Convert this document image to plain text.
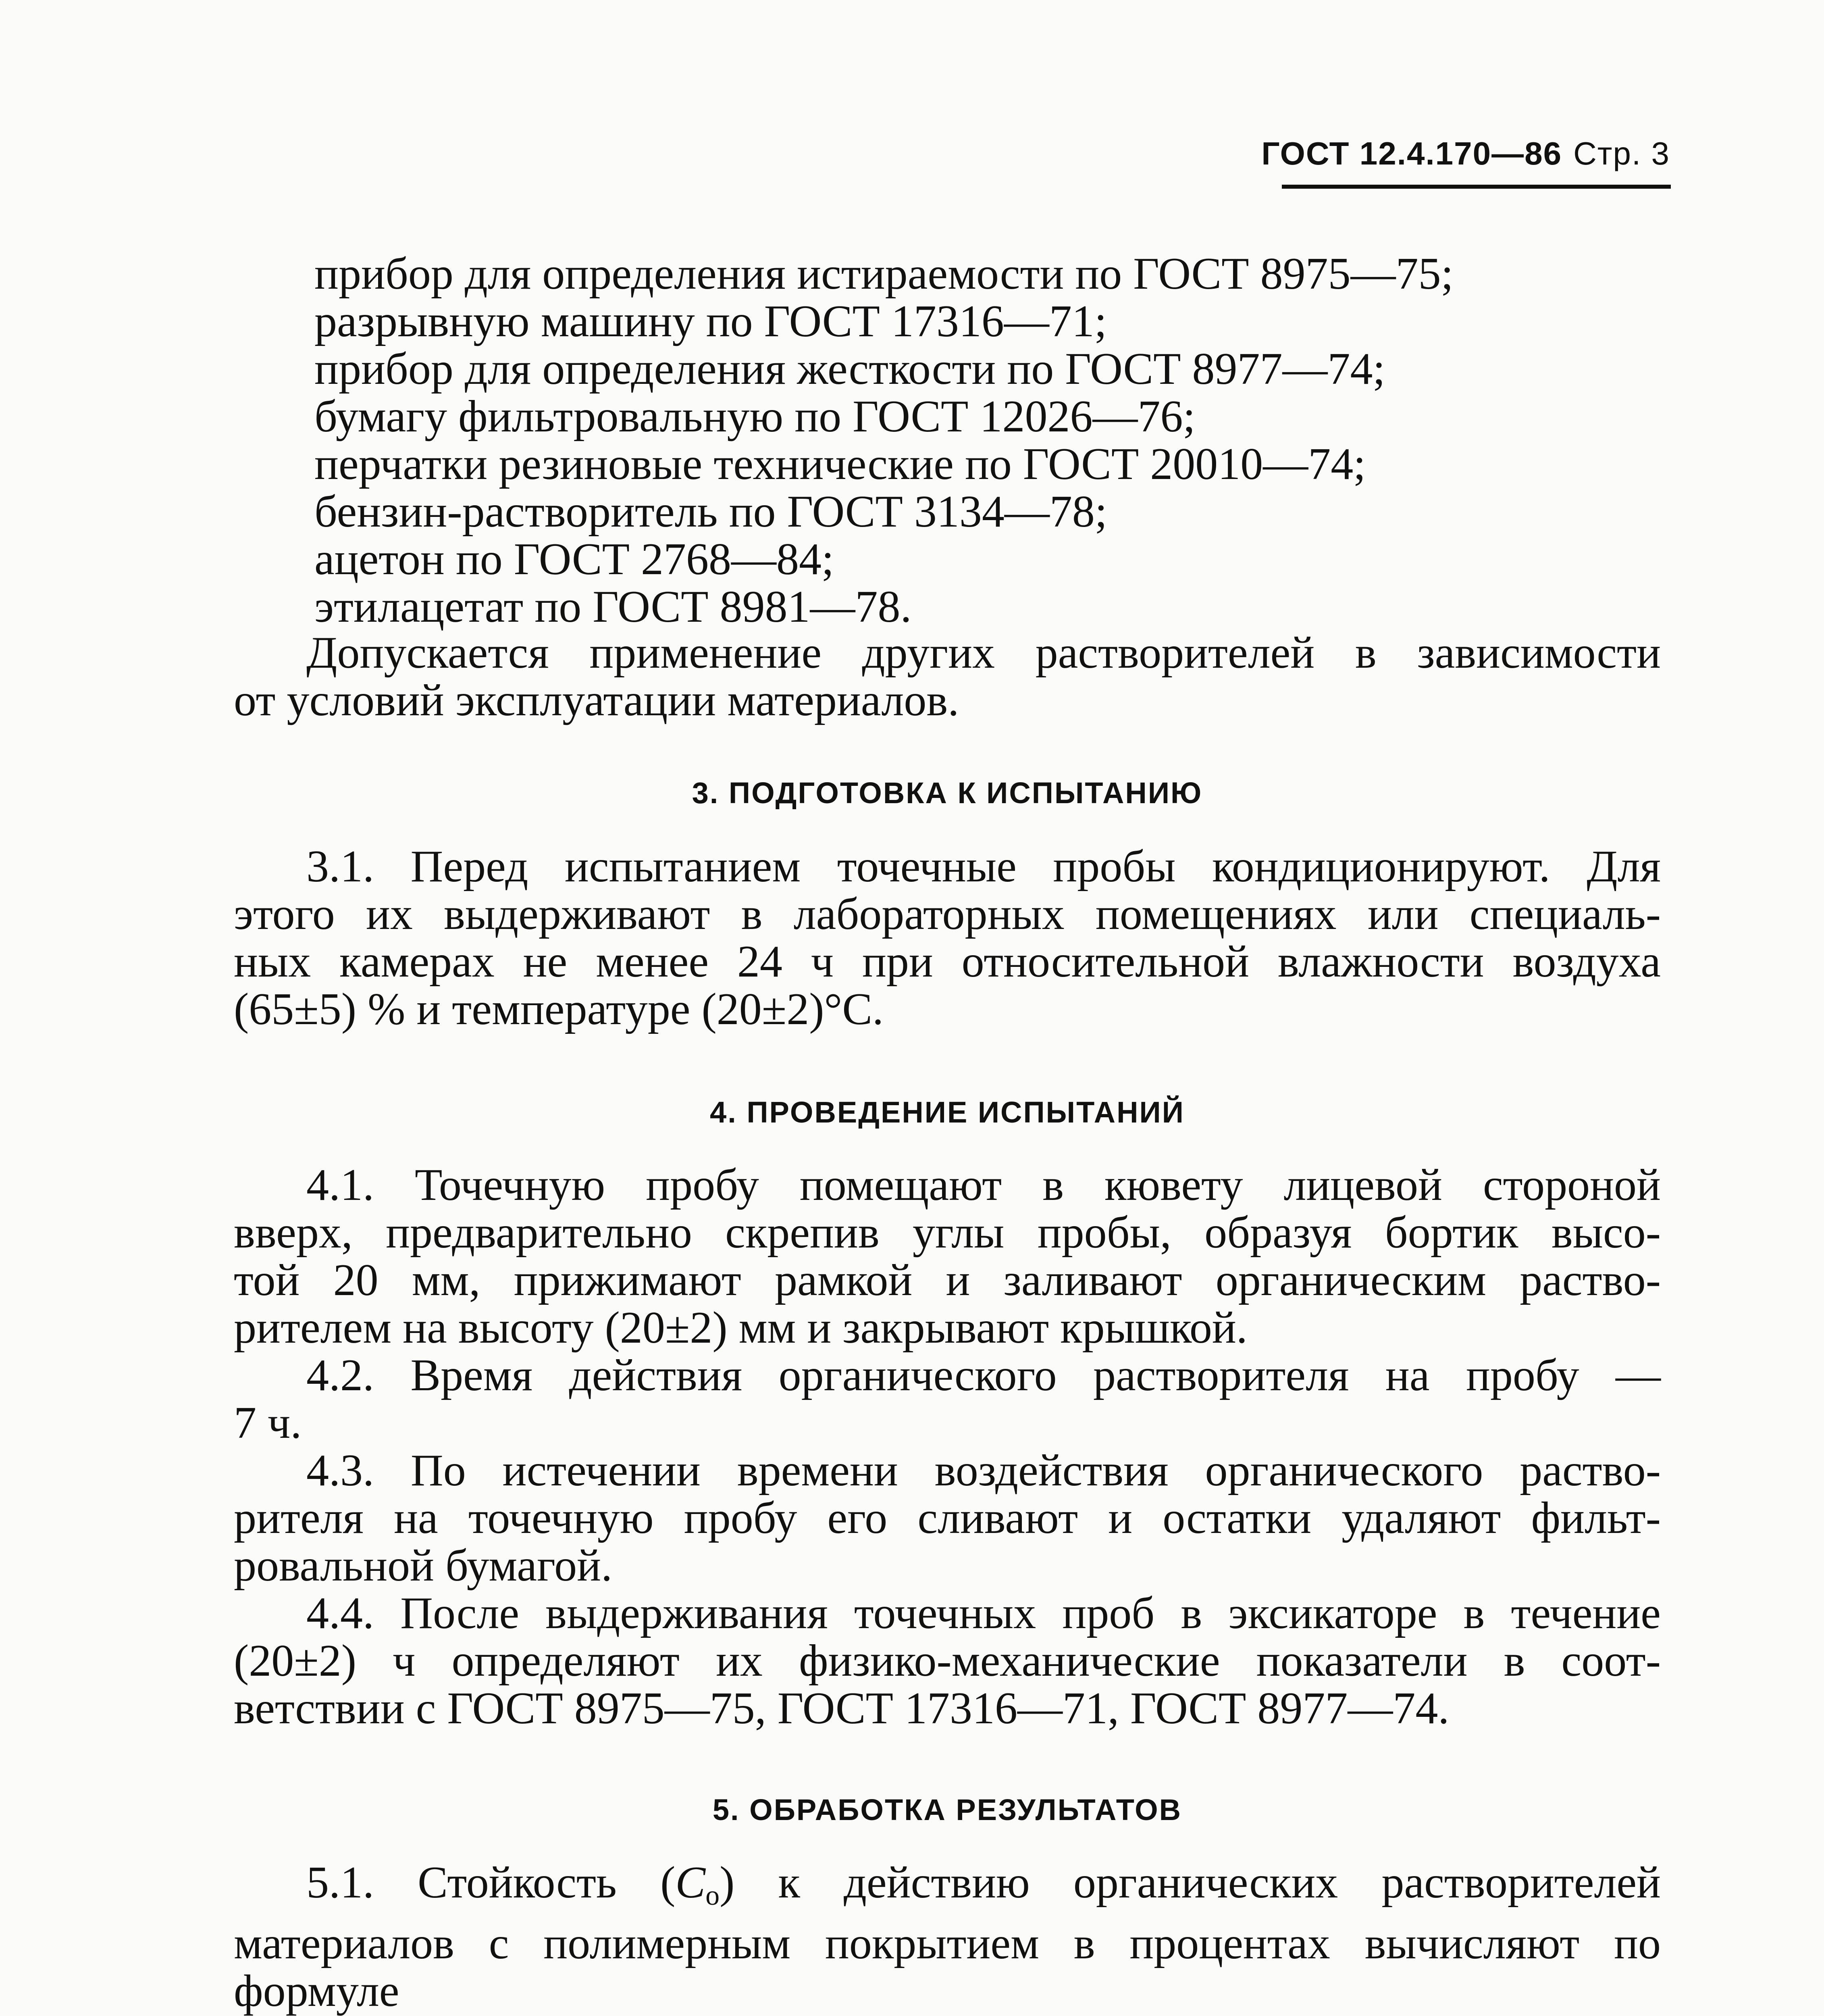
ГОСТ 12.4.170—86 Стр. 3
прибор для определения истираемости по ГОСТ 8975—75;
разрывную машину по ГОСТ 17316—71;
прибор для определения жесткости по ГОСТ 8977—74;
бумагу фильтровальную по ГОСТ 12026—76;
перчатки резиновые технические по ГОСТ 20010—74;
бензин-растворитель по ГОСТ 3134—78;
ацетон по ГОСТ 2768—84;
этилацетат по ГОСТ 8981—78.
Допускается применение других растворителей в зависимости
от условий эксплуатации материалов.
3. ПОДГОТОВКА К ИСПЫТАНИЮ
3.1. Перед испытанием точечные пробы кондиционируют. Для
этого их выдерживают в лабораторных помещениях или специаль-
ных камерах не менее 24 ч при относительной влажности воздуха
(65±5) % и температуре (20±2)°С.
4. ПРОВЕДЕНИЕ ИСПЫТАНИЙ
4.1. Точечную пробу помещают в кювету лицевой стороной
вверх, предварительно скрепив углы пробы, образуя бортик высо-
той 20 мм, прижимают рамкой и заливают органическим раство-
рителем на высоту (20±2) мм и закрывают крышкой.
4.2. Время действия органического растворителя на пробу —
7 ч.
4.3. По истечении времени воздействия органического раство-
рителя на точечную пробу его сливают и остатки удаляют фильт-
ровальной бумагой.
4.4. После выдерживания точечных проб в эксикаторе в течение
(20±2) ч определяют их физико-механические показатели в соот-
ветствии с ГОСТ 8975—75, ГОСТ 17316—71, ГОСТ 8977—74.
5. ОБРАБОТКА РЕЗУЛЬТАТОВ
5.1. Стойкость $(С_о)$ к действию органических растворителей
материалов с полимерным покрытием в процентах вычисляют по
формуле
